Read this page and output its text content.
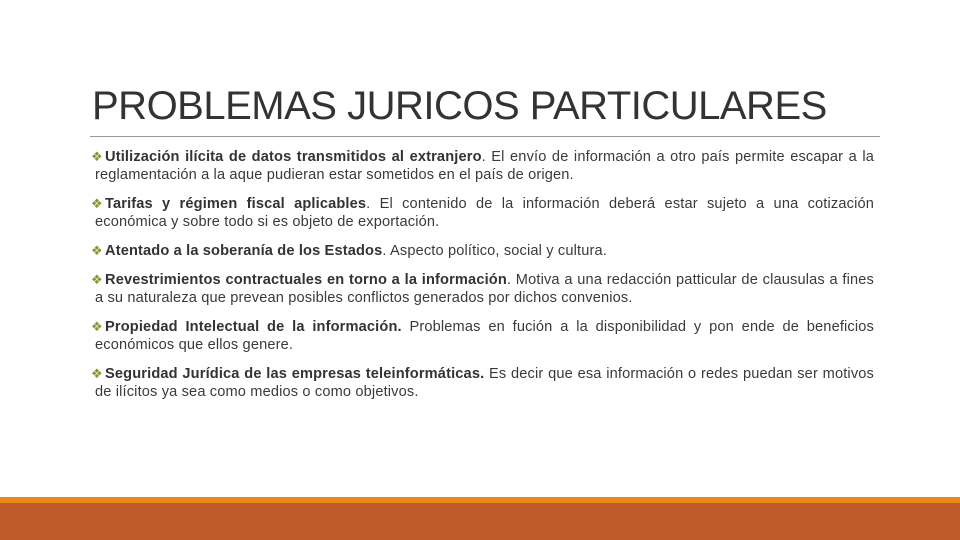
PROBLEMAS JURICOS PARTICULARES
❖ Utilización ilícita de datos transmitidos al extranjero. El envío de información a otro país permite escapar a la reglamentación a la aque pudieran estar sometidos en el país de origen.
❖ Tarifas y régimen fiscal aplicables. El contenido de la información deberá estar sujeto a una cotización económica y sobre todo si es objeto de exportación.
❖ Atentado a la soberanía de los Estados. Aspecto político, social y cultura.
❖ Revestrimientos contractuales en torno a la información. Motiva a una redacción patticular de clausulas a fines a su naturaleza que prevean posibles conflictos generados por dichos convenios.
❖ Propiedad Intelectual de la información. Problemas en fución a la disponibilidad y pon ende de beneficios económicos que ellos genere.
❖ Seguridad Jurídica de las empresas teleinformáticas. Es decir que esa información o redes puedan ser motivos de ilícitos ya sea como medios o como objetivos.
